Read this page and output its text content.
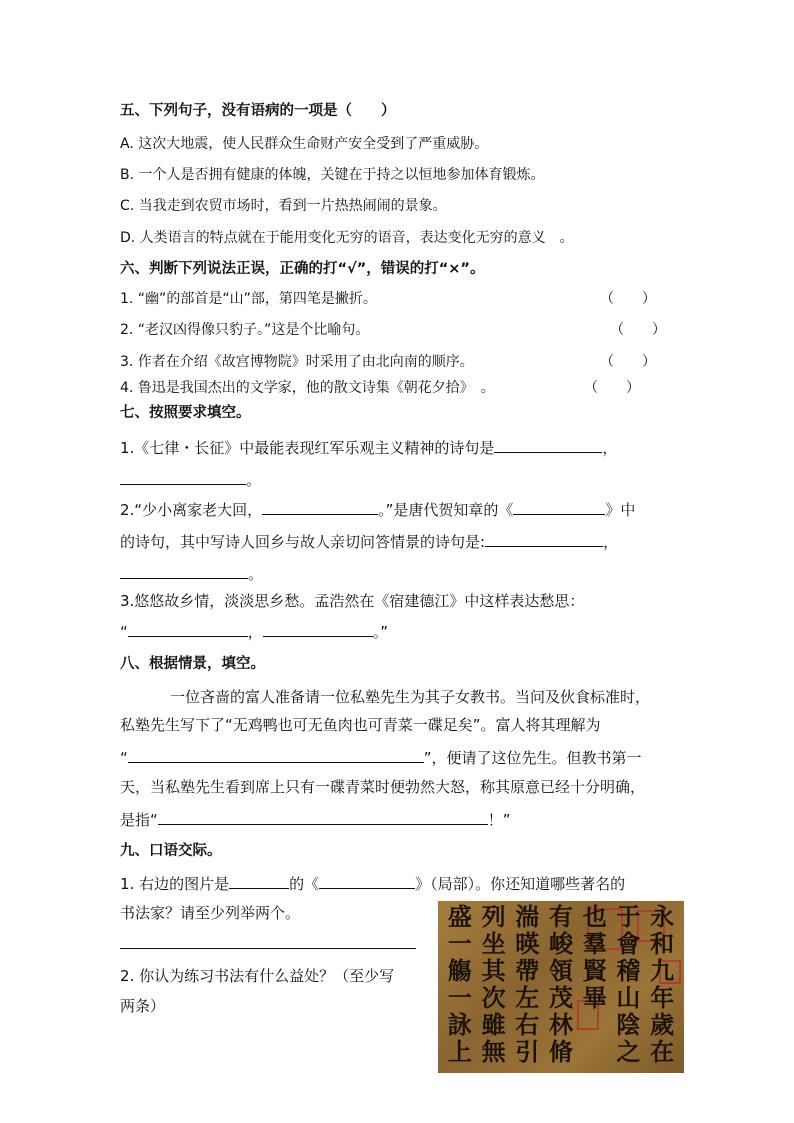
五、下列句子，没有语病的一项是（　　）
A. 这次大地震，使人民群众生命财产安全受到了严重威胁。
B. 一个人是否拥有健康的体魄，关键在于持之以恒地参加体育锻炼。
C. 当我走到农贸市场时，看到一片热热闹闹的景象。
D. 人类语言的特点就在于能用变化无穷的语音，表达变化无穷的意义　。
六、判断下列说法正误，正确的打“√”，错误的打“×”。
1. “幽”的部首是“山”部，第四笔是撇折。	（　　）
2. “老汉凶得像只豹子。”这是个比喻句。	（　　）
3. 作者在介绍《故宫博物院》时采用了由北向南的顺序。	（　　）
4. 鲁迅是我国杰出的文学家，他的散文诗集《朝花夕拾》　。	（　　）
七、按照要求填空。
1.《七律・长征》中最能表现红军乐观主义精神的诗句是	，
。
2.“少小离家老大回，	。”是唐代贺知章的《	》中
的诗句，其中写诗人回乡与故人亲切问答情景的诗句是:	，
。
3.悠悠故乡情，淡淡思乡愁。孟浩然在《宿建德江》中这样表达愁思：
“	，	。”
八、根据情景，填空。
一位吝啬的富人准备请一位私塾先生为其子女教书。当问及伙食标准时，
私塾先生写下了“无鸡鸭也可无鱼肉也可青菜一碟足矣”。富人将其理解为
“	”，便请了这位先生。但教书第一
天，当私塾先生看到席上只有一碟青菜时便勃然大怒，称其原意已经十分明确，
是指“	！”
九、口语交际。
1. 右边的图片是	的《	》（局部）。你还知道哪些著名的
书法家？请至少列举两个。
2. 你认为练习书法有什么益处？（至少写
两条）
永
和
九
年
歲
在
于
會
稽
山
陰
之
也
羣
賢
畢
有
峻
領
茂
林
脩
湍
暎
帶
左
右
引
列
坐
其
次
雖
無
盛
一
觴
一
詠
上
